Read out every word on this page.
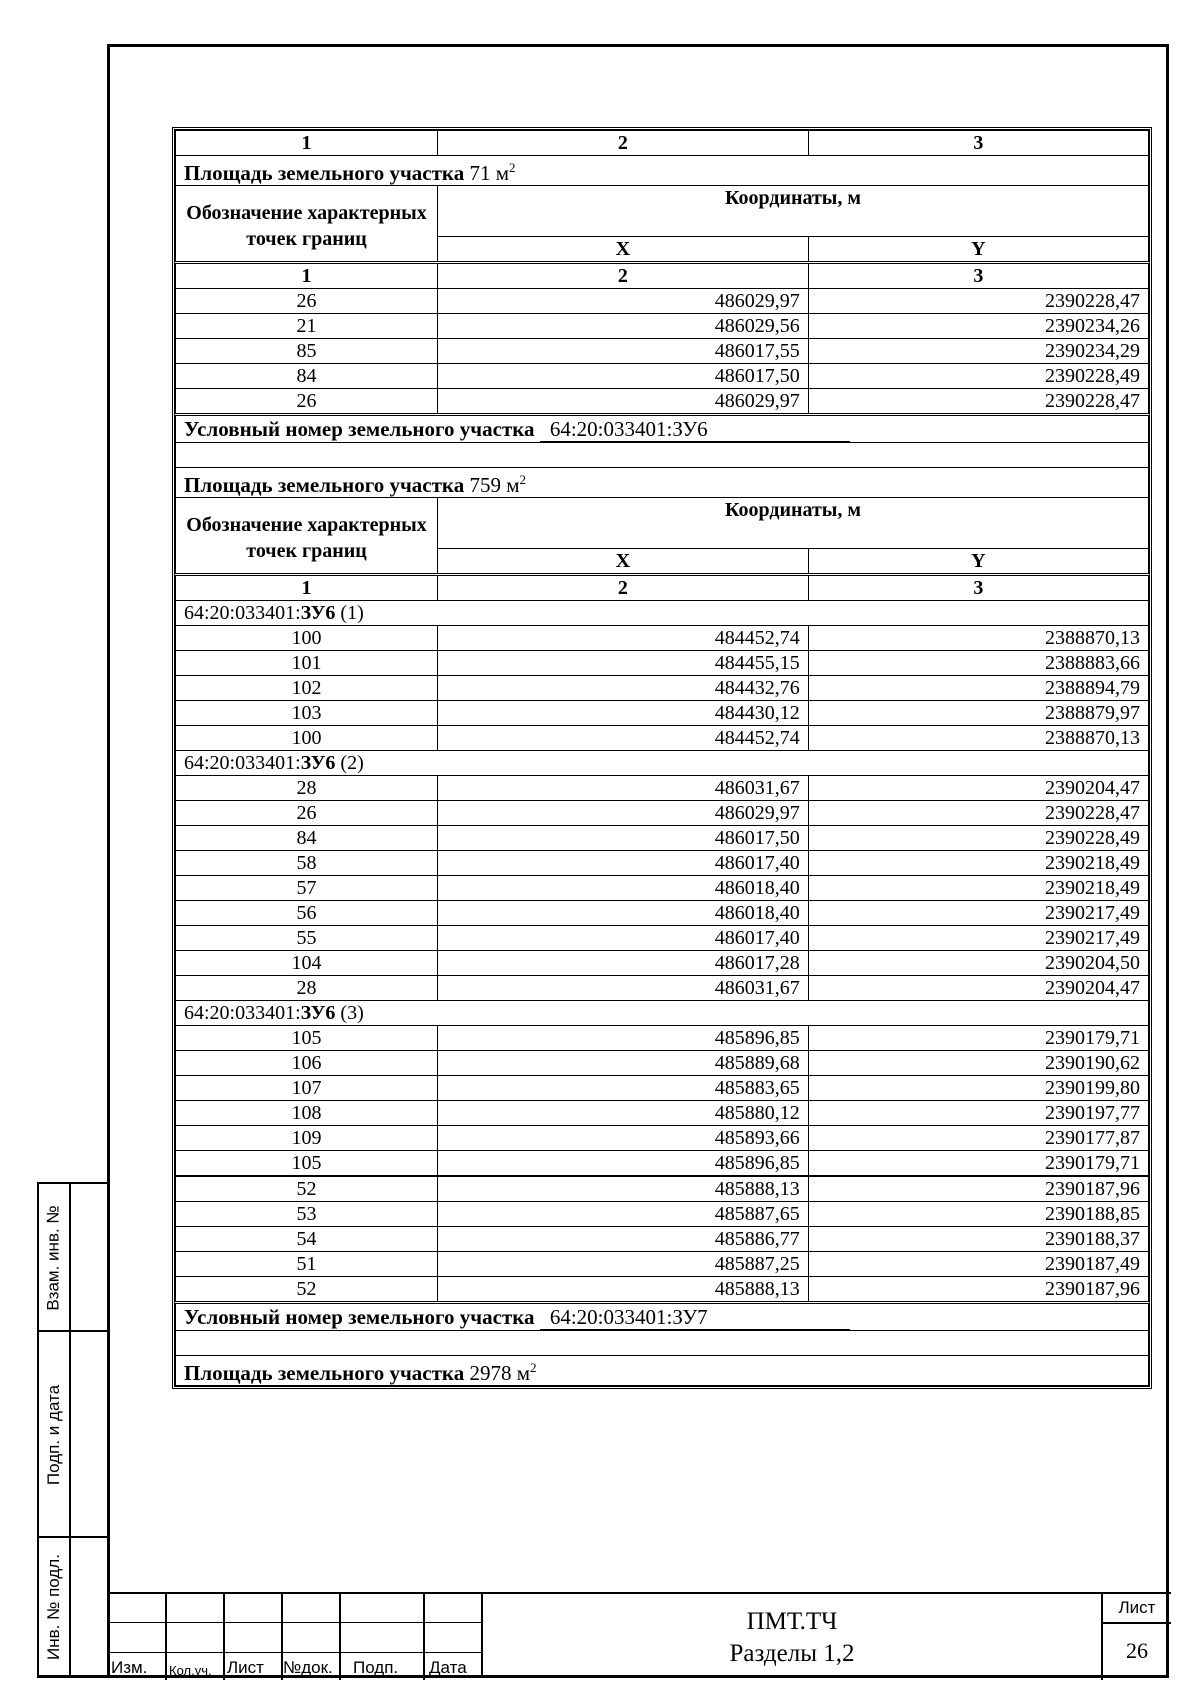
Взам. инв. №
Подп. и дата
Инв. № подл.
1	2	3
Площадь земельного участка 71 $м^2$
Обозначение характерных точек границ	Координаты, м	
	X	Y
1	2	3
26	486029,97	2390228,47
21	486029,56	2390234,26
85	486017,55	2390234,29
84	486017,50	2390228,49
26	486029,97	2390228,47
Условный номер земельного участка 64:20:033401:ЗУ6		

Площадь земельного участка 759 $м^2$
Обозначение характерных точек границ	Координаты, м	
	X	Y
1	2	3
64:20:033401:ЗУ6 (1)		
100	484452,74	2388870,13
101	484455,15	2388883,66
102	484432,76	2388894,79
103	484430,12	2388879,97
100	484452,74	2388870,13
64:20:033401:ЗУ6 (2)		
28	486031,67	2390204,47
26	486029,97	2390228,47
84	486017,50	2390228,49
58	486017,40	2390218,49
57	486018,40	2390218,49
56	486018,40	2390217,49
55	486017,40	2390217,49
104	486017,28	2390204,50
28	486031,67	2390204,47
64:20:033401:ЗУ6 (3)		
105	485896,85	2390179,71
106	485889,68	2390190,62
107	485883,65	2390199,80
108	485880,12	2390197,77
109	485893,66	2390177,87
105	485896,85	2390179,71
52	485888,13	2390187,96
53	485887,65	2390188,85
54	485886,77	2390188,37
51	485887,25	2390187,49
52	485888,13	2390187,96
Условный номер земельного участка 64:20:033401:ЗУ7		

Площадь земельного участка 2978 $м^2$
Изм. Кол.уч. Лист №док. Подп. Дата
ПМТ.ТЧ
Разделы 1,2
Лист
26
